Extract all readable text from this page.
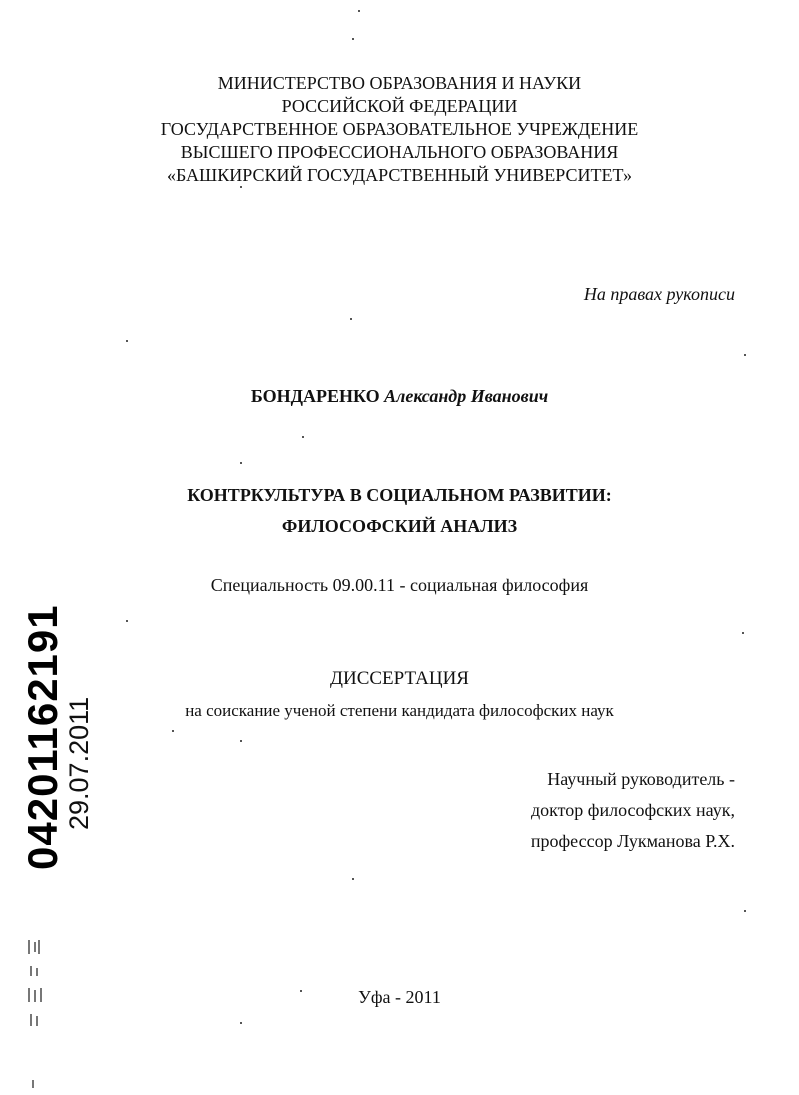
МИНИСТЕРСТВО ОБРАЗОВАНИЯ И НАУКИ
РОССИЙСКОЙ ФЕДЕРАЦИИ
ГОСУДАРСТВЕННОЕ ОБРАЗОВАТЕЛЬНОЕ УЧРЕЖДЕНИЕ
ВЫСШЕГО ПРОФЕССИОНАЛЬНОГО ОБРАЗОВАНИЯ
«БАШКИРСКИЙ ГОСУДАРСТВЕННЫЙ УНИВЕРСИТЕТ»
На правах рукописи
БОНДАРЕНКО Александр Иванович
КОНТРКУЛЬТУРА В СОЦИАЛЬНОМ РАЗВИТИИ:
ФИЛОСОФСКИЙ АНАЛИЗ
Специальность 09.00.11 - социальная философия
ДИССЕРТАЦИЯ
на соискание ученой степени кандидата философских наук
Научный руководитель -
доктор философских наук,
профессор Лукманова Р.Х.
Уфа - 2011
04201162191
29.07.2011
